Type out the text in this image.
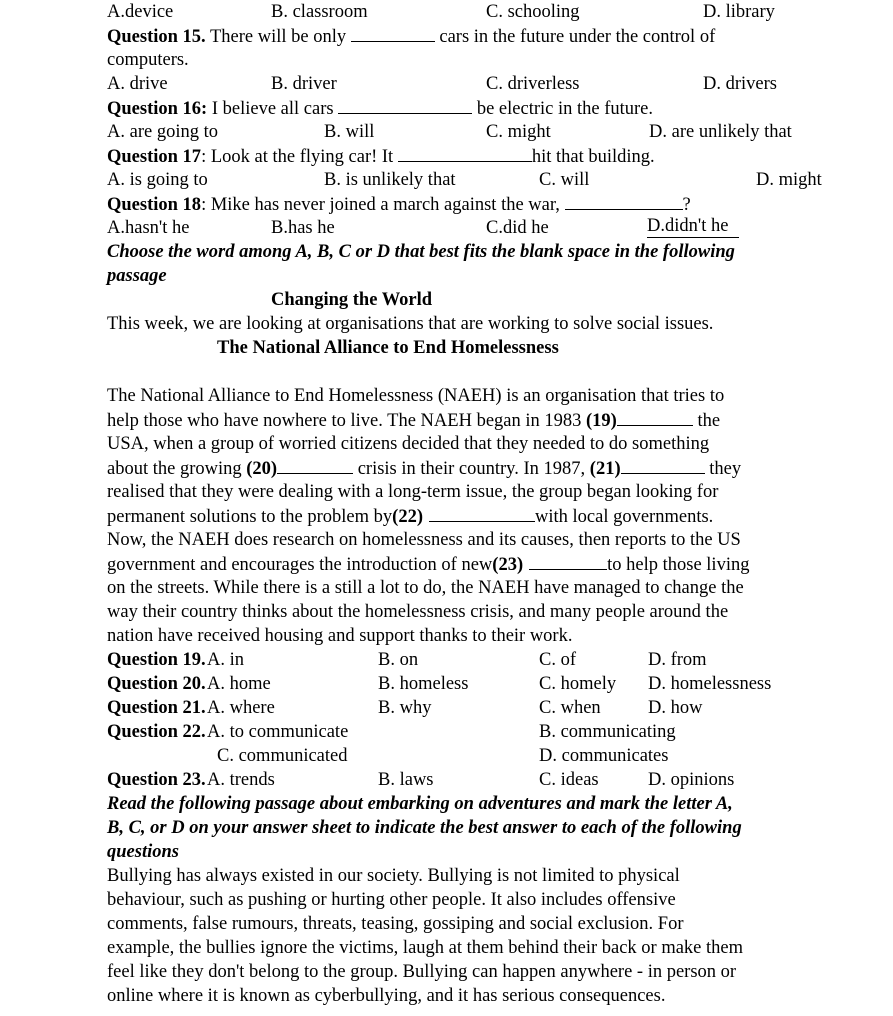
A.device	B. classroom	C. schooling	D. library
Question 15. There will be only	cars in the future under the control of
computers.
A. drive	B. driver	C. driverless	D. drivers
Question 16: I believe all cars	be electric in the future.
A. are going to	B. will	C. might	D. are unlikely that
Question 17: Look at the flying car! It	hit that building.
A. is going to	B. is unlikely that	C. will	D. might
Question 18: Mike has never joined a march against the war,	?
A.hasn't he	B.has he	C.did he	D.didn't he
Choose the word among A, B, C or D that best fits the blank space in the following
passage
Changing the World
This week, we are looking at organisations that are working to solve social issues.
The National Alliance to End Homelessness
The National Alliance to End Homelessness (NAEH) is an organisation that tries to
help those who have nowhere to live. The NAEH began in 1983 (19)	the
USA, when a group of worried citizens decided that they needed to do something
about the growing (20)	crisis in their country. In 1987, (21)	they
realised that they were dealing with a long-term issue, the group began looking for
permanent solutions to the problem by(22)	with local governments.
Now, the NAEH does research on homelessness and its causes, then reports to the US
government and encourages the introduction of new(23)	to help those living
on the streets. While there is a still a lot to do, the NAEH have managed to change the
way their country thinks about the homelessness crisis, and many people around the
nation have received housing and support thanks to their work.
Question 19. A. in	B. on	C. of	D. from
Question 20. A. home	B. homeless	C. homely D. homelessness
Question 21. A. where	B. why	C. when	D. how
Question 22. A. to communicate	B. communicating
C. communicated	D. communicates
Question 23. A. trends	B. laws	C. ideas	D. opinions
Read the following passage about embarking on adventures and mark the letter A,
B, C, or D on your answer sheet to indicate the best answer to each of the following
questions
Bullying has always existed in our society. Bullying is not limited to physical
behaviour, such as pushing or hurting other people. It also includes offensive
comments, false rumours, threats, teasing, gossiping and social exclusion. For
example, the bullies ignore the victims, laugh at them behind their back or make them
feel like they don't belong to the group. Bullying can happen anywhere - in person or
online where it is known as cyberbullying, and it has serious consequences.
